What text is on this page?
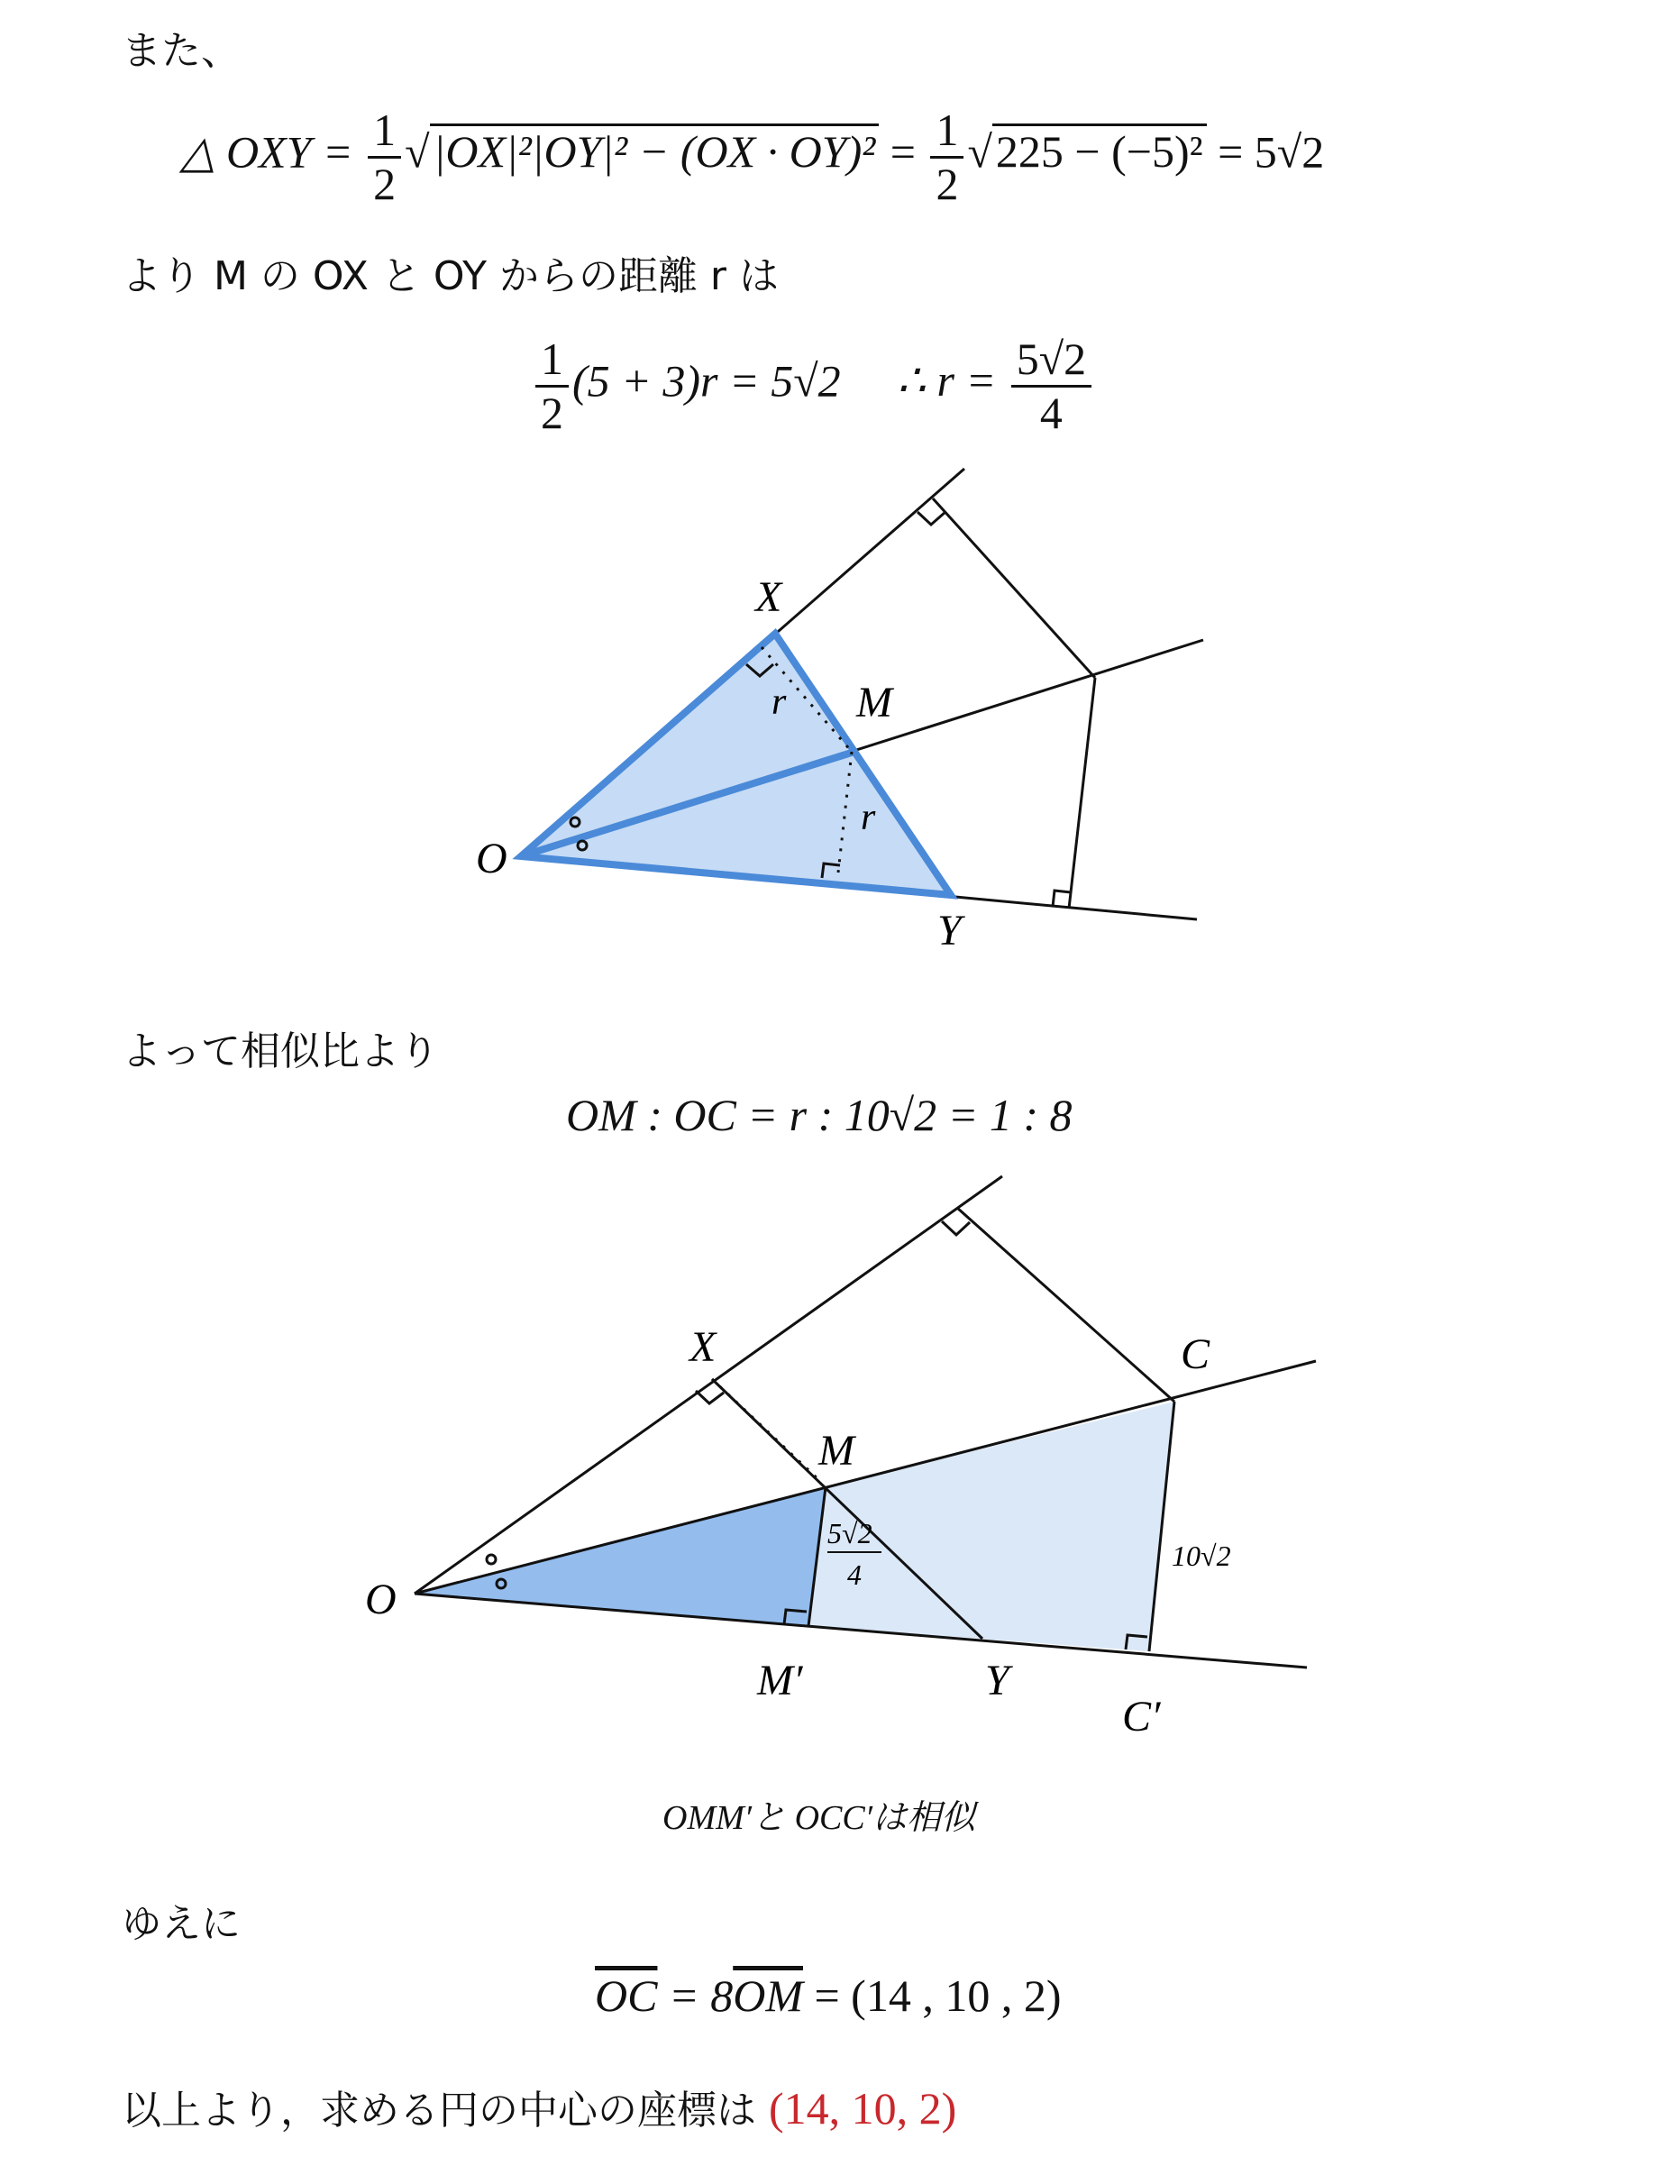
また、
△ OXY = $\frac{1}{2} √|OX|^2|OY|^2 - (OX \cdot OY)^2 = \frac{1}{2} √225 - (-5)^2 = 5√2$
より M の OX と OY からの距離 r は
$\frac{1}{2} (5 + 3)r = 5√2$ ∴ $r = \frac{5√2}{4}$
X
M
O
Y
r
r
よって相似比より
OM : OC = r : 10√2 = 1 : 8
X	C
M
O
M′	Y
C′
5√2
4
10√2
OMM′と OCC′は相似
ゆえに
$\overline{OC} = 8\overline{OM} = (14$ , 10 , 2)
以上より，求める円の中心の座標は (14, 10, 2)
